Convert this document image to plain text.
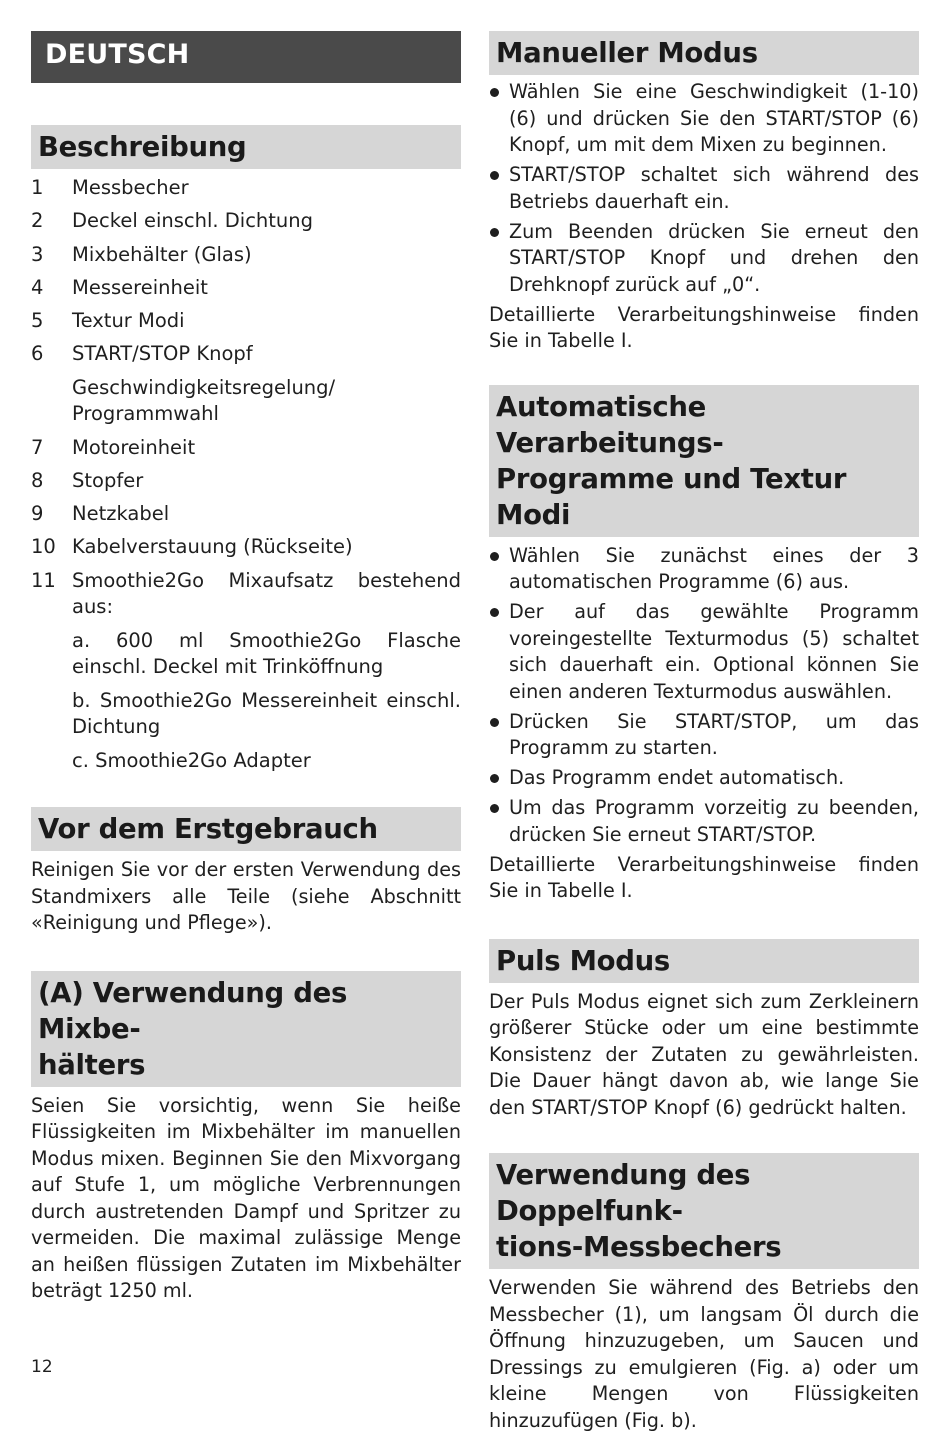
DEUTSCH
Beschreibung
1	Messbecher
2	Deckel einschl. Dichtung
3	Mixbehälter (Glas)
4	Messereinheit
5	Textur Modi
6	START/STOP Knopf
Geschwindigkeitsregelung/ Programmwahl
7	Motoreinheit
8	Stopfer
9	Netzkabel
10 Kabelverstauung (Rückseite)
11 Smoothie2Go Mixaufsatz bestehend aus:
a. 600 ml Smoothie2Go Flasche einschl. Deckel mit Trinköffnung
b. Smoothie2Go Messereinheit einschl. Dichtung
c. Smoothie2Go Adapter
Vor dem Erstgebrauch

Reinigen Sie vor der ersten Verwendung des Standmixers alle Teile (siehe Abschnitt «Reinigung und Pflege»).

(A) Verwendung des Mixbe-
hälters

Seien Sie vorsichtig, wenn Sie heiße Flüssigkeiten im Mixbehälter im manuellen Modus mixen. Beginnen Sie den Mixvorgang auf Stufe 1, um mögliche Verbrennungen durch austretenden Dampf und Spritzer zu vermeiden. Die maximal zulässige Menge an heißen flüssigen Zutaten im Mixbehälter beträgt 1250 ml.

12
Manueller Modus
Wählen Sie eine Geschwindigkeit (1-10) (6) und drücken Sie den START/STOP (6) Knopf, um mit dem Mixen zu beginnen.
START/STOP schaltet sich während des Betriebs dauerhaft ein.
Zum Beenden drücken Sie erneut den START/STOP Knopf und drehen den Drehknopf zurück auf „0“.

Detaillierte Verarbeitungshinweise finden Sie in Tabelle I.

Automatische Verarbeitungs-
Programme und Textur Modi
Wählen Sie zunächst eines der 3 automatischen Programme (6) aus.
Der auf das gewählte Programm voreingestellte Texturmodus (5) schaltet sich dauerhaft ein. Optional können Sie einen anderen Texturmodus auswählen.
Drücken Sie START/STOP, um das Programm zu starten.
Das Programm endet automatisch.
Um das Programm vorzeitig zu beenden, drücken Sie erneut START/STOP.

Detaillierte Verarbeitungshinweise finden Sie in Tabelle I.

Puls Modus

Der Puls Modus eignet sich zum Zerkleinern größerer Stücke oder um eine bestimmte Konsistenz der Zutaten zu gewährleisten. Die Dauer hängt davon ab, wie lange Sie den START/STOP Knopf (6) gedrückt halten.

Verwendung des Doppelfunk-
tions-Messbechers

Verwenden Sie während des Betriebs den Messbecher (1), um langsam Öl durch die Öffnung hinzuzugeben, um Saucen und Dressings zu emulgieren (Fig. a) oder um kleine Mengen von Flüssigkeiten hinzuzufügen (Fig. b).
